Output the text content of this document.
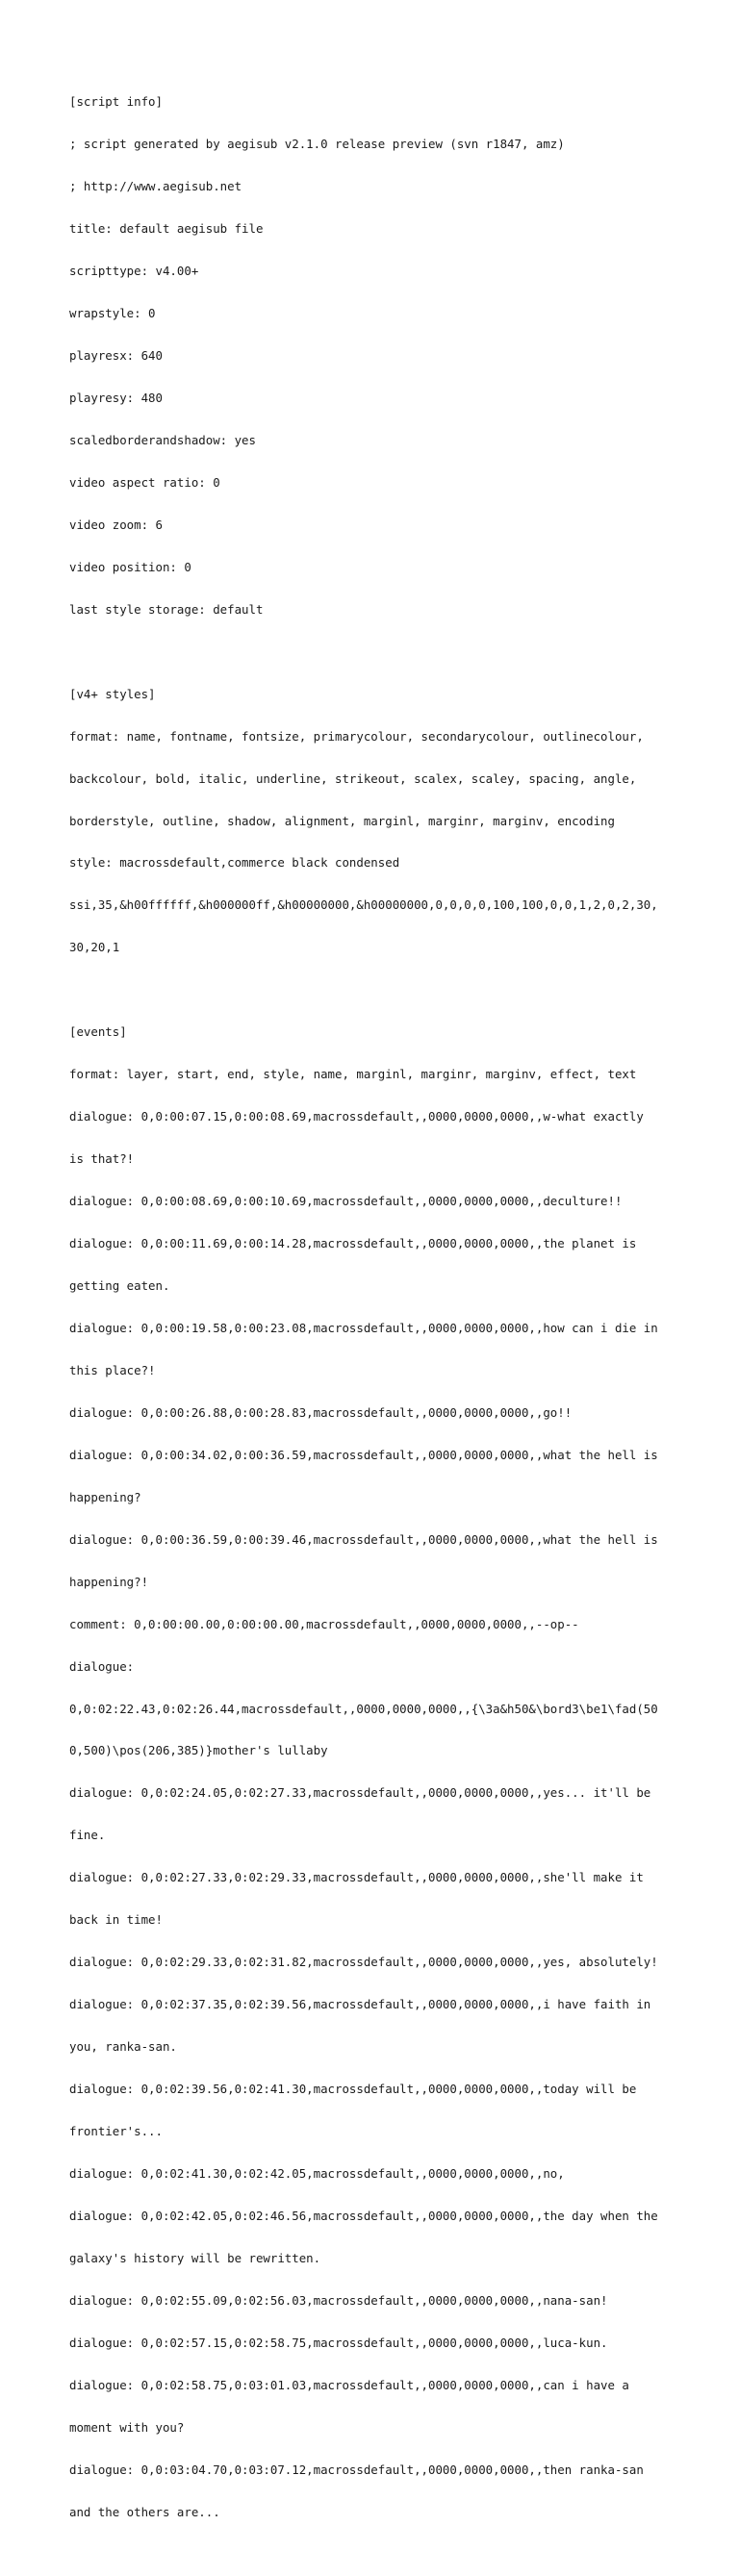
[script info]

; script generated by aegisub v2.1.0 release preview (svn r1847, amz)

; http://www.aegisub.net

title: default aegisub file

scripttype: v4.00+

wrapstyle: 0

playresx: 640

playresy: 480

scaledborderandshadow: yes

video aspect ratio: 0

video zoom: 6

video position: 0

last style storage: default

[v4+ styles]

format: name, fontname, fontsize, primarycolour, secondarycolour, outlinecolour,

backcolour, bold, italic, underline, strikeout, scalex, scaley, spacing, angle,

borderstyle, outline, shadow, alignment, marginl, marginr, marginv, encoding

style: macrossdefault,commerce black condensed

ssi,35,&h00ffffff,&h000000ff,&h00000000,&h00000000,0,0,0,0,100,100,0,0,1,2,0,2,30,

30,20,1

[events]

format: layer, start, end, style, name, marginl, marginr, marginv, effect, text

dialogue: 0,0:00:07.15,0:00:08.69,macrossdefault,,0000,0000,0000,,w-what exactly

is that?!

dialogue: 0,0:00:08.69,0:00:10.69,macrossdefault,,0000,0000,0000,,deculture!!

dialogue: 0,0:00:11.69,0:00:14.28,macrossdefault,,0000,0000,0000,,the planet is

getting eaten.

dialogue: 0,0:00:19.58,0:00:23.08,macrossdefault,,0000,0000,0000,,how can i die in

this place?!

dialogue: 0,0:00:26.88,0:00:28.83,macrossdefault,,0000,0000,0000,,go!!

dialogue: 0,0:00:34.02,0:00:36.59,macrossdefault,,0000,0000,0000,,what the hell is

happening?

dialogue: 0,0:00:36.59,0:00:39.46,macrossdefault,,0000,0000,0000,,what the hell is

happening?!

comment: 0,0:00:00.00,0:00:00.00,macrossdefault,,0000,0000,0000,,--op--

dialogue:

0,0:02:22.43,0:02:26.44,macrossdefault,,0000,0000,0000,,{\3a&h50&\bord3\be1\fad(50

0,500)\pos(206,385)}mother's lullaby

dialogue: 0,0:02:24.05,0:02:27.33,macrossdefault,,0000,0000,0000,,yes... it'll be

fine.

dialogue: 0,0:02:27.33,0:02:29.33,macrossdefault,,0000,0000,0000,,she'll make it

back in time!

dialogue: 0,0:02:29.33,0:02:31.82,macrossdefault,,0000,0000,0000,,yes, absolutely!

dialogue: 0,0:02:37.35,0:02:39.56,macrossdefault,,0000,0000,0000,,i have faith in

you, ranka-san.

dialogue: 0,0:02:39.56,0:02:41.30,macrossdefault,,0000,0000,0000,,today will be

frontier's...

dialogue: 0,0:02:41.30,0:02:42.05,macrossdefault,,0000,0000,0000,,no,

dialogue: 0,0:02:42.05,0:02:46.56,macrossdefault,,0000,0000,0000,,the day when the

galaxy's history will be rewritten.

dialogue: 0,0:02:55.09,0:02:56.03,macrossdefault,,0000,0000,0000,,nana-san!

dialogue: 0,0:02:57.15,0:02:58.75,macrossdefault,,0000,0000,0000,,luca-kun.

dialogue: 0,0:02:58.75,0:03:01.03,macrossdefault,,0000,0000,0000,,can i have a

moment with you?

dialogue: 0,0:03:04.70,0:03:07.12,macrossdefault,,0000,0000,0000,,then ranka-san

and the others are...
